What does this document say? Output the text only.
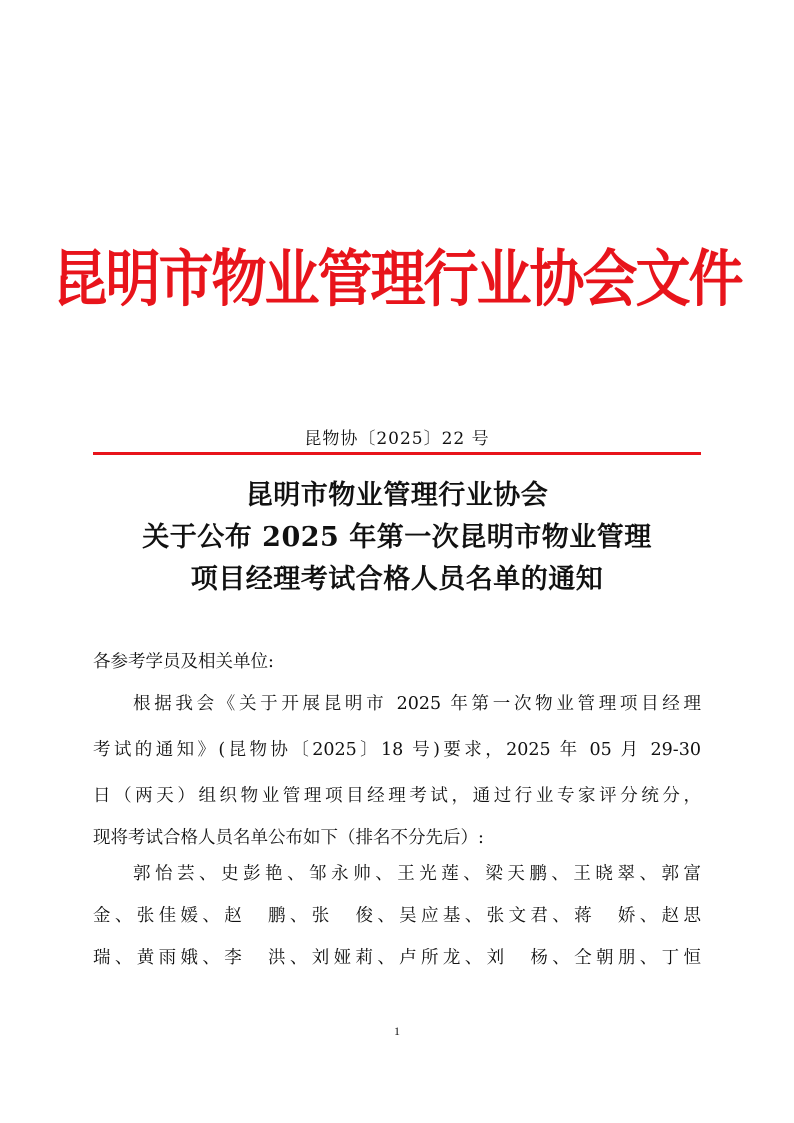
昆明市物业管理行业协会文件
昆物协〔2025〕22 号
昆明市物业管理行业协会
关于公布 2025 年第一次昆明市物业管理
项目经理考试合格人员名单的通知
各参考学员及相关单位:
根据我会《关于开展昆明市 2025 年第一次物业管理项目经理
考试的通知》(昆物协〔2025〕18 号)要求，2025 年 05 月 29-30
日（两天）组织物业管理项目经理考试，通过行业专家评分统分，
现将考试合格人员名单公布如下（排名不分先后）:
郭怡芸、史彭艳、邹永帅、王光莲、梁天鹏、王晓翠、郭富
金、张佳媛、赵　鹏、张　俊、吴应基、张文君、蒋　娇、赵思
瑞、黄雨娥、李　洪、刘娅莉、卢所龙、刘　杨、仝朝朋、丁恒
1
